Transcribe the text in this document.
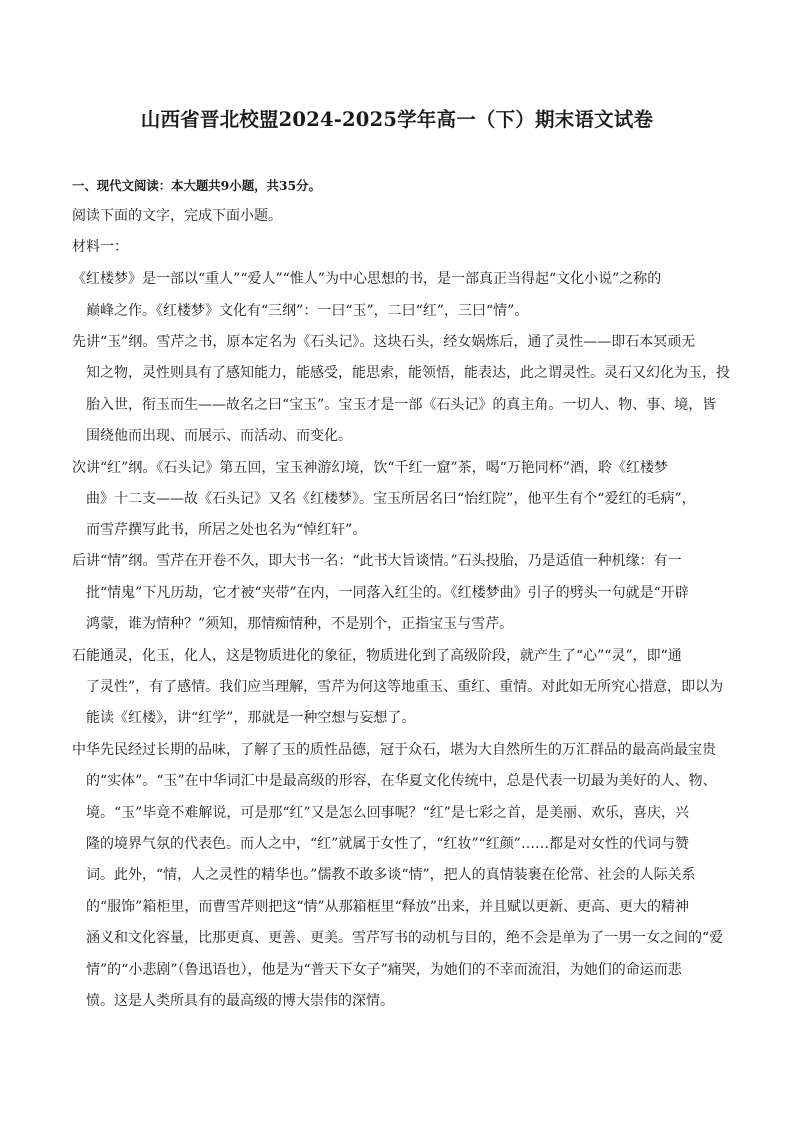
山西省晋北校盟2024-2025学年高一（下）期末语文试卷
一、现代文阅读：本大题共9小题，共35分。
阅读下面的文字，完成下面小题。
材料一：
《红楼梦》是一部以“重人”“爱人”“惟人”为中心思想的书，是一部真正当得起“文化小说”之称的
巅峰之作。《红楼梦》文化有“三纲”：一曰“玉”，二曰“红”，三曰“情”。
先讲“玉”纲。雪芹之书，原本定名为《石头记》。这块石头，经女娲炼后，通了灵性——即石本冥顽无
知之物，灵性则具有了感知能力，能感受，能思索，能领悟，能表达，此之谓灵性。灵石又幻化为玉，投
胎入世，衔玉而生——故名之曰“宝玉”。宝玉才是一部《石头记》的真主角。一切人、物、事、境，皆
围绕他而出现、而展示、而活动、而变化。
次讲“红”纲。《石头记》第五回，宝玉神游幻境，饮“千红一窟”茶，喝“万艳同杯”酒，聆《红楼梦
曲》十二支——故《石头记》又名《红楼梦》。宝玉所居名曰“怡红院”，他平生有个“爱红的毛病”，
而雪芹撰写此书，所居之处也名为“悼红轩”。
后讲“情”纲。雪芹在开卷不久，即大书一名：“此书大旨谈情。”石头投胎，乃是适值一种机缘：有一
批“情鬼”下凡历劫，它才被“夹带”在内，一同落入红尘的。《红楼梦曲》引子的劈头一句就是“开辟
鸿蒙，谁为情种？”须知，那情痴情种，不是别个，正指宝玉与雪芹。
石能通灵，化玉，化人，这是物质进化的象征，物质进化到了高级阶段，就产生了“心”“灵”，即“通
了灵性”，有了感情。我们应当理解，雪芹为何这等地重玉、重红、重情。对此如无所究心措意，即以为
能读《红楼》，讲“红学”，那就是一种空想与妄想了。
中华先民经过长期的品味，了解了玉的质性品德，冠于众石，堪为大自然所生的万汇群品的最高尚最宝贵
的“实体”。“玉”在中华词汇中是最高级的形容，在华夏文化传统中，总是代表一切最为美好的人、物、
境。“玉”毕竟不难解说，可是那“红”又是怎么回事呢？“红”是七彩之首，是美丽、欢乐，喜庆，兴
隆的境界气氛的代表色。而人之中，“红”就属于女性了，“红妆”“红颜”……都是对女性的代词与赞
词。此外，“情，人之灵性的精华也。”儒教不敢多谈“情”，把人的真情装裹在伦常、社会的人际关系
的“服饰”箱柜里，而曹雪芹则把这“情”从那箱框里“释放”出来，并且赋以更新、更高、更大的精神
涵义和文化容量，比那更真、更善、更美。雪芹写书的动机与目的，绝不会是单为了一男一女之间的“爱
情”的“小悲剧”（鲁迅语也），他是为“普天下女子”痛哭，为她们的不幸而流泪，为她们的命运而悲
愤。这是人类所具有的最高级的博大崇伟的深情。
